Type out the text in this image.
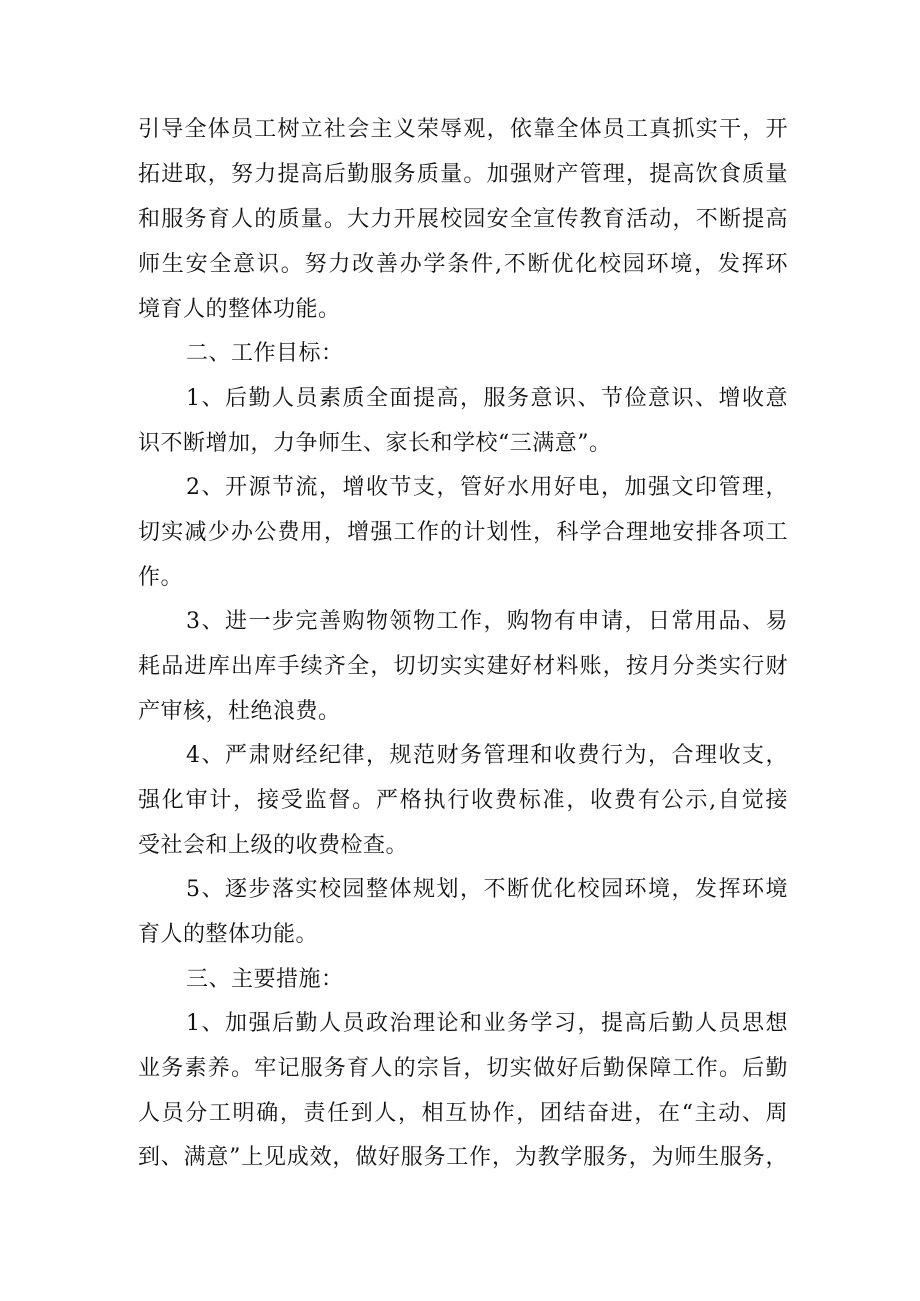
引导全体员工树立社会主义荣辱观，依靠全体员工真抓实干，开
拓进取，努力提高后勤服务质量。加强财产管理，提高饮食质量
和服务育人的质量。大力开展校园安全宣传教育活动，不断提高
师生安全意识。努力改善办学条件,不断优化校园环境，发挥环
境育人的整体功能。
二、工作目标：
1、后勤人员素质全面提高，服务意识、节俭意识、增收意
识不断增加，力争师生、家长和学校“三满意”。
2、开源节流，增收节支，管好水用好电，加强文印管理，
切实减少办公费用，增强工作的计划性，科学合理地安排各项工
作。
3、进一步完善购物领物工作，购物有申请，日常用品、易
耗品进库出库手续齐全，切切实实建好材料账，按月分类实行财
产审核，杜绝浪费。
4、严肃财经纪律，规范财务管理和收费行为，合理收支，
强化审计，接受监督。严格执行收费标准，收费有公示,自觉接
受社会和上级的收费检查。
5、逐步落实校园整体规划，不断优化校园环境，发挥环境
育人的整体功能。
三、主要措施：
1、加强后勤人员政治理论和业务学习，提高后勤人员思想
业务素养。牢记服务育人的宗旨，切实做好后勤保障工作。后勤
人员分工明确，责任到人，相互协作，团结奋进，在“主动、周
到、满意”上见成效，做好服务工作，为教学服务，为师生服务，
